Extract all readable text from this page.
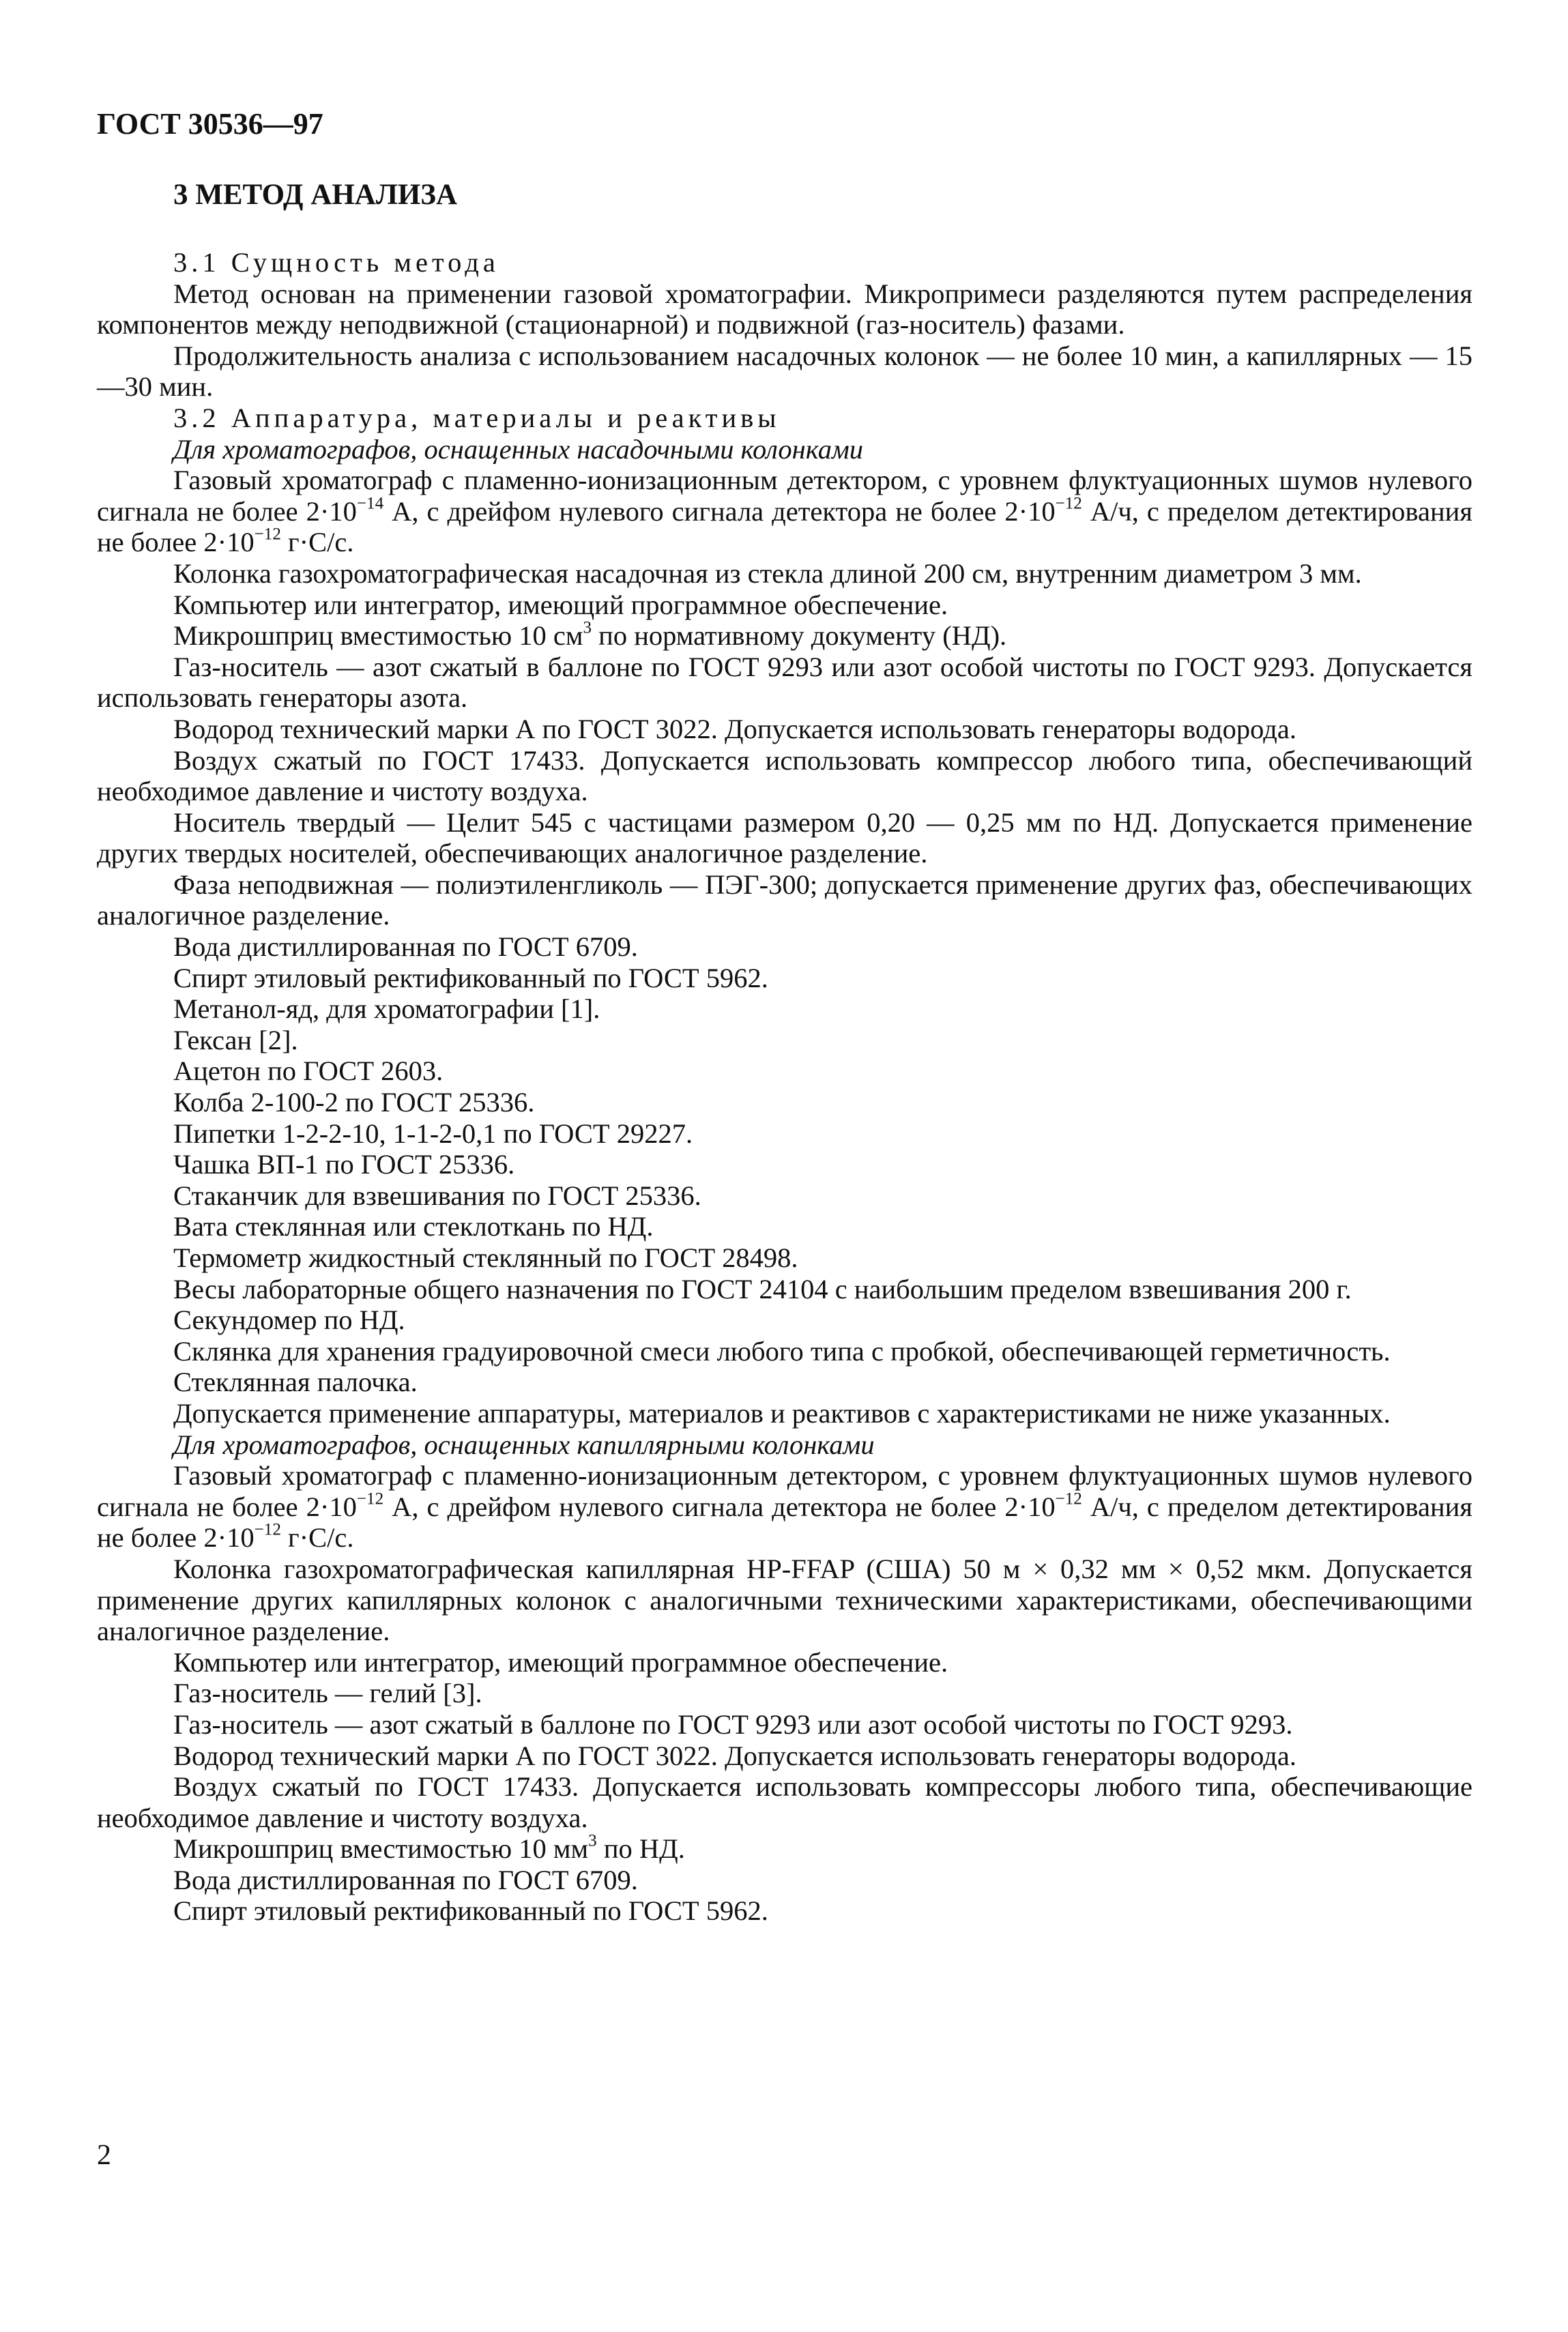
ГОСТ 30536—97

3 МЕТОД АНАЛИЗА

3.1 Сущность метода

Метод основан на применении газовой хроматографии. Микропримеси разделяются путем распределения компонентов между неподвижной (стационарной) и подвижной (газ-носитель) фазами.

Продолжительность анализа с использованием насадочных колонок — не более 10 мин, а капиллярных — 15—30 мин.

3.2 Аппаратура, материалы и реактивы

Для хроматографов, оснащенных насадочными колонками

Газовый хроматограф с пламенно-ионизационным детектором, с уровнем флуктуационных шумов нулевого сигнала не более $2\cdot 10^{-14}$ А, с дрейфом нулевого сигнала детектора не более $2\cdot 10^{-12}$ А/ч, с пределом детектирования не более $2\cdot 10^{-12}$ г·С/с.

Колонка газохроматографическая насадочная из стекла длиной 200 см, внутренним диаметром 3 мм.

Компьютер или интегратор, имеющий программное обеспечение.

Микрошприц вместимостью 10 $см^3$ по нормативному документу (НД).

Газ-носитель — азот сжатый в баллоне по ГОСТ 9293 или азот особой чистоты по ГОСТ 9293. Допускается использовать генераторы азота.

Водород технический марки А по ГОСТ 3022. Допускается использовать генераторы водорода.

Воздух сжатый по ГОСТ 17433. Допускается использовать компрессор любого типа, обеспечивающий необходимое давление и чистоту воздуха.

Носитель твердый — Целит 545 с частицами размером 0,20 — 0,25 мм по НД. Допускается применение других твердых носителей, обеспечивающих аналогичное разделение.

Фаза неподвижная — полиэтиленгликоль — ПЭГ-300; допускается применение других фаз, обеспечивающих аналогичное разделение.

Вода дистиллированная по ГОСТ 6709.

Спирт этиловый ректификованный по ГОСТ 5962.

Метанол-яд, для хроматографии [1].

Гексан [2].

Ацетон по ГОСТ 2603.

Колба 2-100-2 по ГОСТ 25336.

Пипетки 1-2-2-10, 1-1-2-0,1 по ГОСТ 29227.

Чашка ВП-1 по ГОСТ 25336.

Стаканчик для взвешивания по ГОСТ 25336.

Вата стеклянная или стеклоткань по НД.

Термометр жидкостный стеклянный по ГОСТ 28498.

Весы лабораторные общего назначения по ГОСТ 24104 с наибольшим пределом взвешивания 200 г.

Секундомер по НД.

Склянка для хранения градуировочной смеси любого типа с пробкой, обеспечивающей герметичность.

Стеклянная палочка.

Допускается применение аппаратуры, материалов и реактивов с характеристиками не ниже указанных.

Для хроматографов, оснащенных капиллярными колонками

Газовый хроматограф с пламенно-ионизационным детектором, с уровнем флуктуационных шумов нулевого сигнала не более $2\cdot 10^{-12}$ А, с дрейфом нулевого сигнала детектора не более $2\cdot 10^{-12}$ А/ч, с пределом детектирования не более $2\cdot 10^{-12}$ г·С/с.

Колонка газохроматографическая капиллярная HP-FFAP (США) 50 м × 0,32 мм × 0,52 мкм. Допускается применение других капиллярных колонок с аналогичными техническими характеристиками, обеспечивающими аналогичное разделение.

Компьютер или интегратор, имеющий программное обеспечение.

Газ-носитель — гелий [3].

Газ-носитель — азот сжатый в баллоне по ГОСТ 9293 или азот особой чистоты по ГОСТ 9293.

Водород технический марки А по ГОСТ 3022. Допускается использовать генераторы водорода.

Воздух сжатый по ГОСТ 17433. Допускается использовать компрессоры любого типа, обеспечивающие необходимое давление и чистоту воздуха.

Микрошприц вместимостью 10 $мм^3$ по НД.

Вода дистиллированная по ГОСТ 6709.

Спирт этиловый ректификованный по ГОСТ 5962.

2
